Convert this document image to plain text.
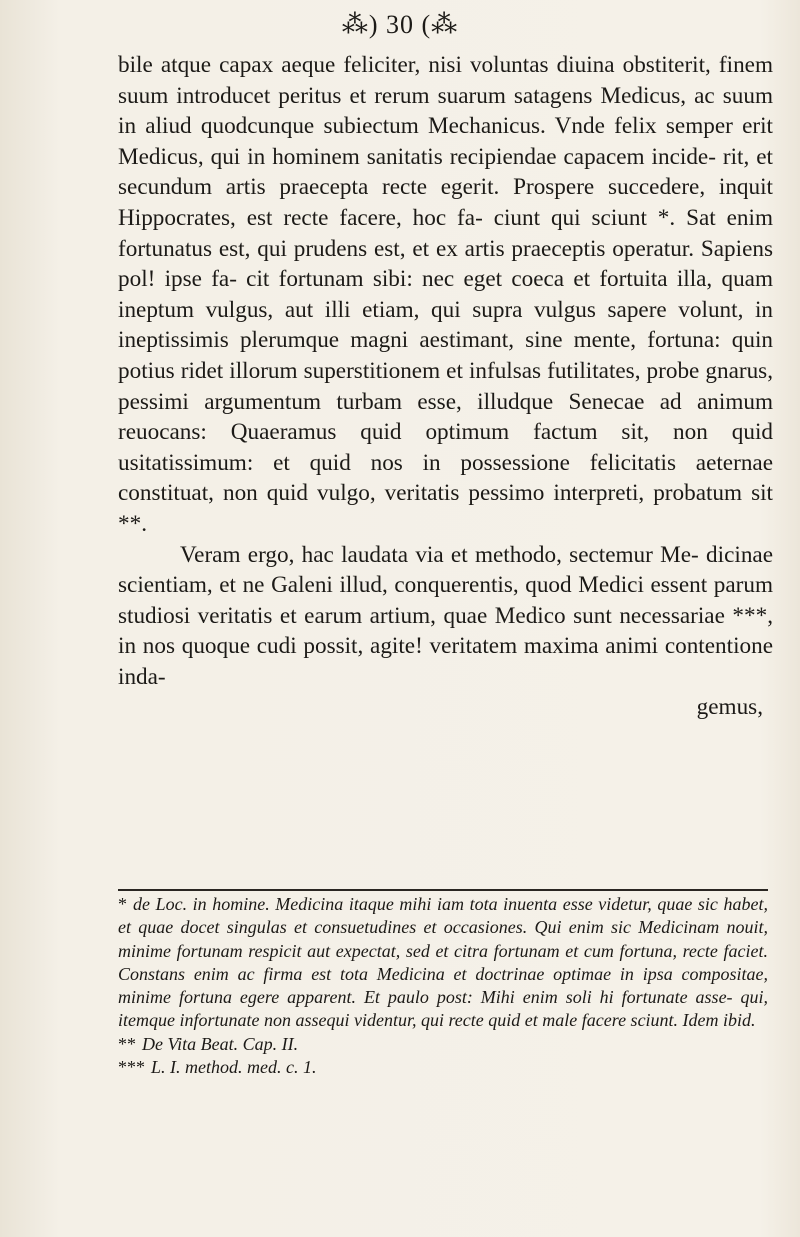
⁂) 30 (⁂

bile atque capax aeque feliciter, nisi voluntas diuina obstiterit, finem suum introducet peritus et rerum suarum satagens Medicus, ac suum in aliud quodcunque subiectum Mechanicus. Vnde felix semper erit Medicus, qui in hominem sanitatis recipiendae capacem incide- rit, et secundum artis praecepta recte egerit. Prospere succedere, inquit Hippocrates, est recte facere, hoc fa- ciunt qui sciunt *. Sat enim fortunatus est, qui prudens est, et ex artis praeceptis operatur. Sapiens pol! ipse fa- cit fortunam sibi: nec eget coeca et fortuita illa, quam ineptum vulgus, aut illi etiam, qui supra vulgus sapere volunt, in ineptissimis plerumque magni aestimant, sine mente, fortuna: quin potius ridet illorum superstitionem et infulsas futilitates, probe gnarus, pessimi argumentum turbam esse, illudque Senecae ad animum reuocans: Quaeramus quid optimum factum sit, non quid usitatissimum: et quid nos in possessione felicitatis aeternae constituat, non quid vulgo, veritatis pessimo interpreti, probatum sit **.

Veram ergo, hac laudata via et methodo, sectemur Me- dicinae scientiam, et ne Galeni illud, conquerentis, quod Medici essent parum studiosi veritatis et earum artium, quae Medico sunt necessariae ***, in nos quoque cudi possit, agite! veritatem maxima animi contentione inda-

gemus,

* de Loc. in homine. Medicina itaque mihi iam tota inuenta esse videtur, quae sic habet, et quae docet singulas et consuetudines et occasiones. Qui enim sic Medicinam nouit, minime fortunam respicit aut expectat, sed et citra fortunam et cum fortuna, recte faciet. Constans enim ac firma est tota Medicina et doctrinae optimae in ipsa compositae, minime fortuna egere apparent. Et paulo post: Mihi enim soli hi fortunate asse- qui, itemque infortunate non assequi videntur, qui recte quid et male facere sciunt. Idem ibid.

** De Vita Beat. Cap. II.

*** L. I. method. med. c. 1.
